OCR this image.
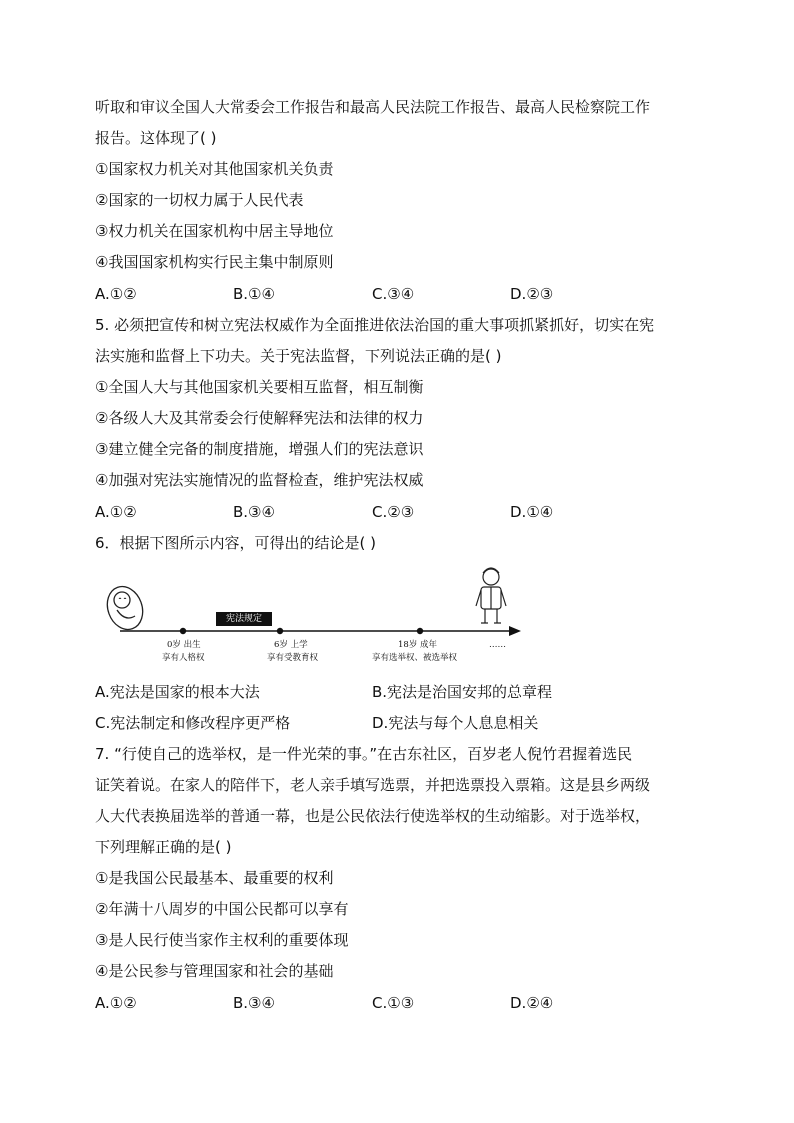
听取和审议全国人大常委会工作报告和最高人民法院工作报告、最高人民检察院工作
报告。这体现了( )
①国家权力机关对其他国家机关负责
②国家的一切权力属于人民代表
③权力机关在国家机构中居主导地位
④我国国家机构实行民主集中制原则
A.①②	B.①④	C.③④	D.②③
5. 必须把宣传和树立宪法权威作为全面推进依法治国的重大事项抓紧抓好，切实在宪
法实施和监督上下功夫。关于宪法监督，下列说法正确的是( )
①全国人大与其他国家机关要相互监督，相互制衡
②各级人大及其常委会行使解释宪法和法律的权力
③建立健全完备的制度措施，增强人们的宪法意识
④加强对宪法实施情况的监督检查，维护宪法权威
A.①②	B.③④	C.②③	D.①④
6．根据下图所示内容，可得出的结论是( )
宪法规定
0岁 出生
享有人格权
6岁 上学
享有受教育权
18岁 成年
享有选举权、被选举权
……
A.宪法是国家的根本大法	B.宪法是治国安邦的总章程
C.宪法制定和修改程序更严格	D.宪法与每个人息息相关
7. “行使自己的选举权，是一件光荣的事。”在古东社区，百岁老人倪竹君握着选民
证笑着说。在家人的陪伴下，老人亲手填写选票，并把选票投入票箱。这是县乡两级
人大代表换届选举的普通一幕，也是公民依法行使选举权的生动缩影。对于选举权，
下列理解正确的是( )
①是我国公民最基本、最重要的权利
②年满十八周岁的中国公民都可以享有
③是人民行使当家作主权利的重要体现
④是公民参与管理国家和社会的基础
A.①②	B.③④	C.①③	D.②④
